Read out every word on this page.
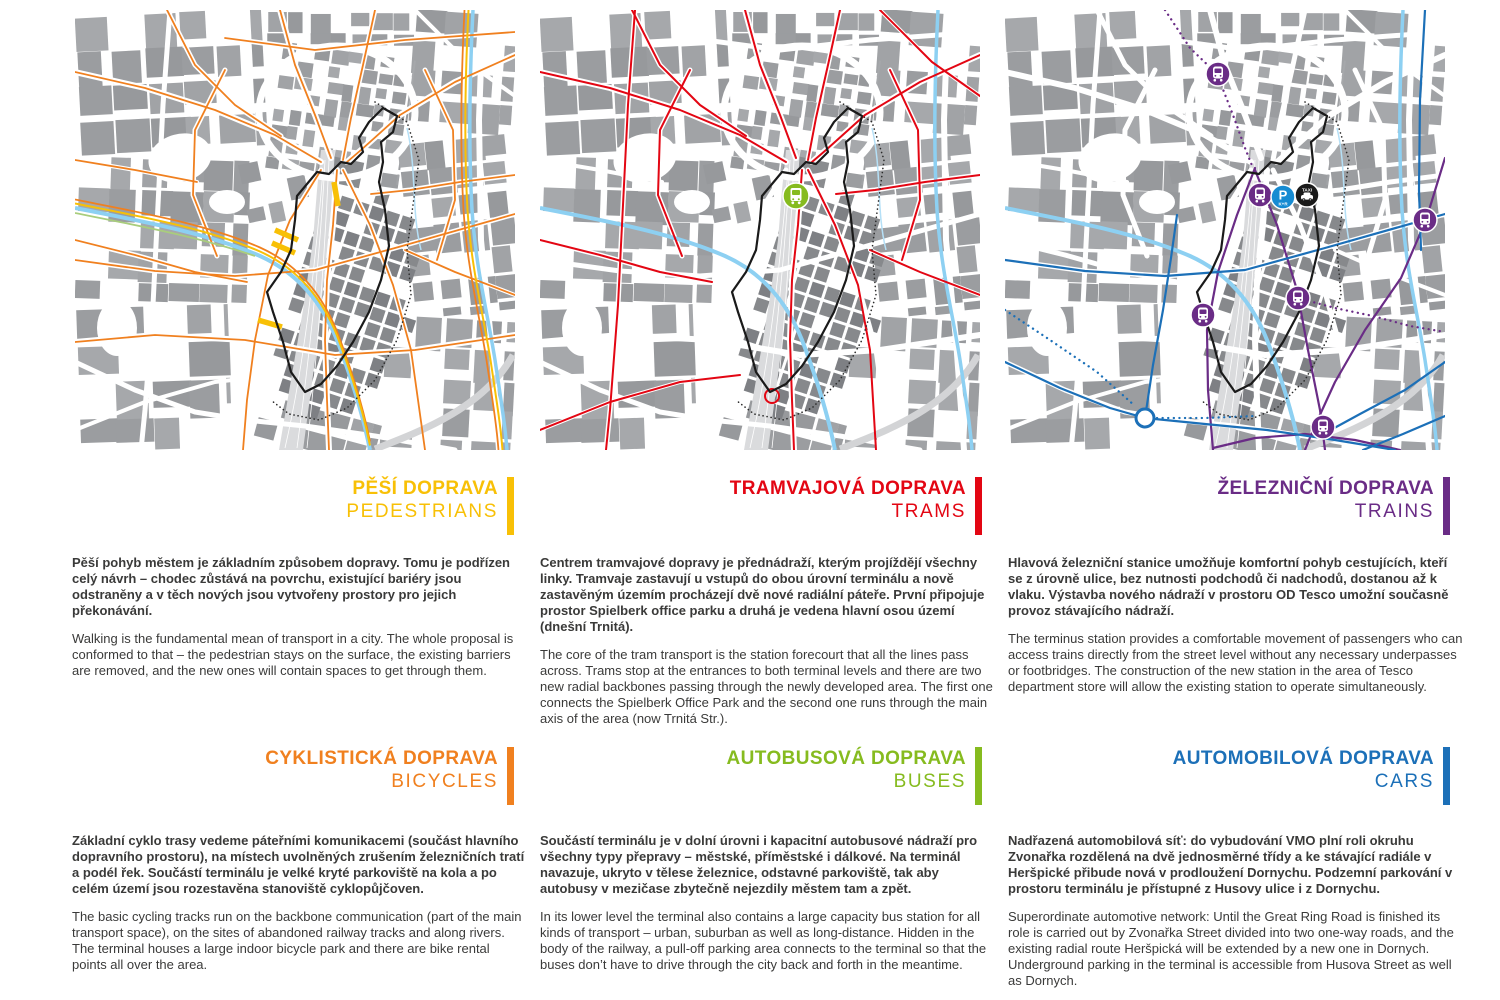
P
K+R
TAXI
PĚŠÍ DOPRAVA
PEDESTRIANS
TRAMVAJOVÁ DOPRAVA
TRAMS
ŽELEZNIČNÍ DOPRAVA
TRAINS

Pěší pohyb městem je základním způsobem dopravy. Tomu je podřízen celý návrh – chodec zůstává na povrchu, existující bariéry jsou odstraněny a v těch nových jsou vytvořeny prostory pro jejich překonávání.

Walking is the fundamental mean of transport in a city. The whole proposal is conformed to that – the pedestrian stays on the surface, the existing barriers are removed, and the new ones will contain spaces to get through them.

Centrem tramvajové dopravy je přednádraží, kterým projíždějí všechny linky. Tramvaje zastavují u vstupů do obou úrovní terminálu a nově zastavěným územím procházejí dvě nové radiální páteře. První připojuje prostor Spielberk office parku a druhá je vedena hlavní osou území (dnešní Trnitá).

The core of the tram transport is the station forecourt that all the lines pass across. Trams stop at the entrances to both terminal levels and there are two new radial backbones passing through the newly developed area. The first one connects the Spielberk Office Park and the second one runs through the main axis of the area (now Trnitá Str.).

Hlavová železniční stanice umožňuje komfortní pohyb cestujících, kteří se z úrovně ulice, bez nutnosti podchodů či nadchodů, dostanou až k vlaku. Výstavba nového nádraží v prostoru OD Tesco umožní současně provoz stávajícího nádraží.

The terminus station provides a comfortable movement of passengers who can access trains directly from the street level without any necessary underpasses or footbridges. The construction of the new station in the area of Tesco department store will allow the existing station to operate simultaneously.

CYKLISTICKÁ DOPRAVA
BICYCLES
AUTOBUSOVÁ DOPRAVA
BUSES
AUTOMOBILOVÁ DOPRAVA
CARS

Základní cyklo trasy vedeme páteřními komunikacemi (součást hlavního dopravního prostoru), na místech uvolněných zrušením železničních tratí a podél řek. Součástí terminálu je velké kryté parkoviště na kola a po celém území jsou rozestavěna stanoviště cyklopůjčoven.

The basic cycling tracks run on the backbone communication (part of the main transport space), on the sites of abandoned railway tracks and along rivers. The terminal houses a large indoor bicycle park and there are bike rental points all over the area.

Součástí terminálu je v dolní úrovni i kapacitní autobusové nádraží pro všechny typy přepravy – městské, příměstské i dálkové. Na terminál navazuje, ukryto v tělese železnice, odstavné parkoviště, tak aby autobusy v mezičase zbytečně nejezdily městem tam a zpět.

In its lower level the terminal also contains a large capacity bus station for all kinds of transport – urban, suburban as well as long-distance. Hidden in the body of the railway, a pull-off parking area connects to the terminal so that the buses don’t have to drive through the city back and forth in the meantime.

Nadřazená automobilová síť: do vybudování VMO plní roli okruhu Zvonařka rozdělená na dvě jednosměrné třídy a ke stávající radiále v Heršpické přibude nová v prodloužení Dornychu. Podzemní parkování v prostoru terminálu je přístupné z Husovy ulice i z Dornychu.

Superordinate automotive network: Until the Great Ring Road is finished its role is carried out by Zvonařka Street divided into two one-way roads, and the existing radial route Heršpická will be extended by a new one in Dornych. Underground parking in the terminal is accessible from Husova Street as well as Dornych.
